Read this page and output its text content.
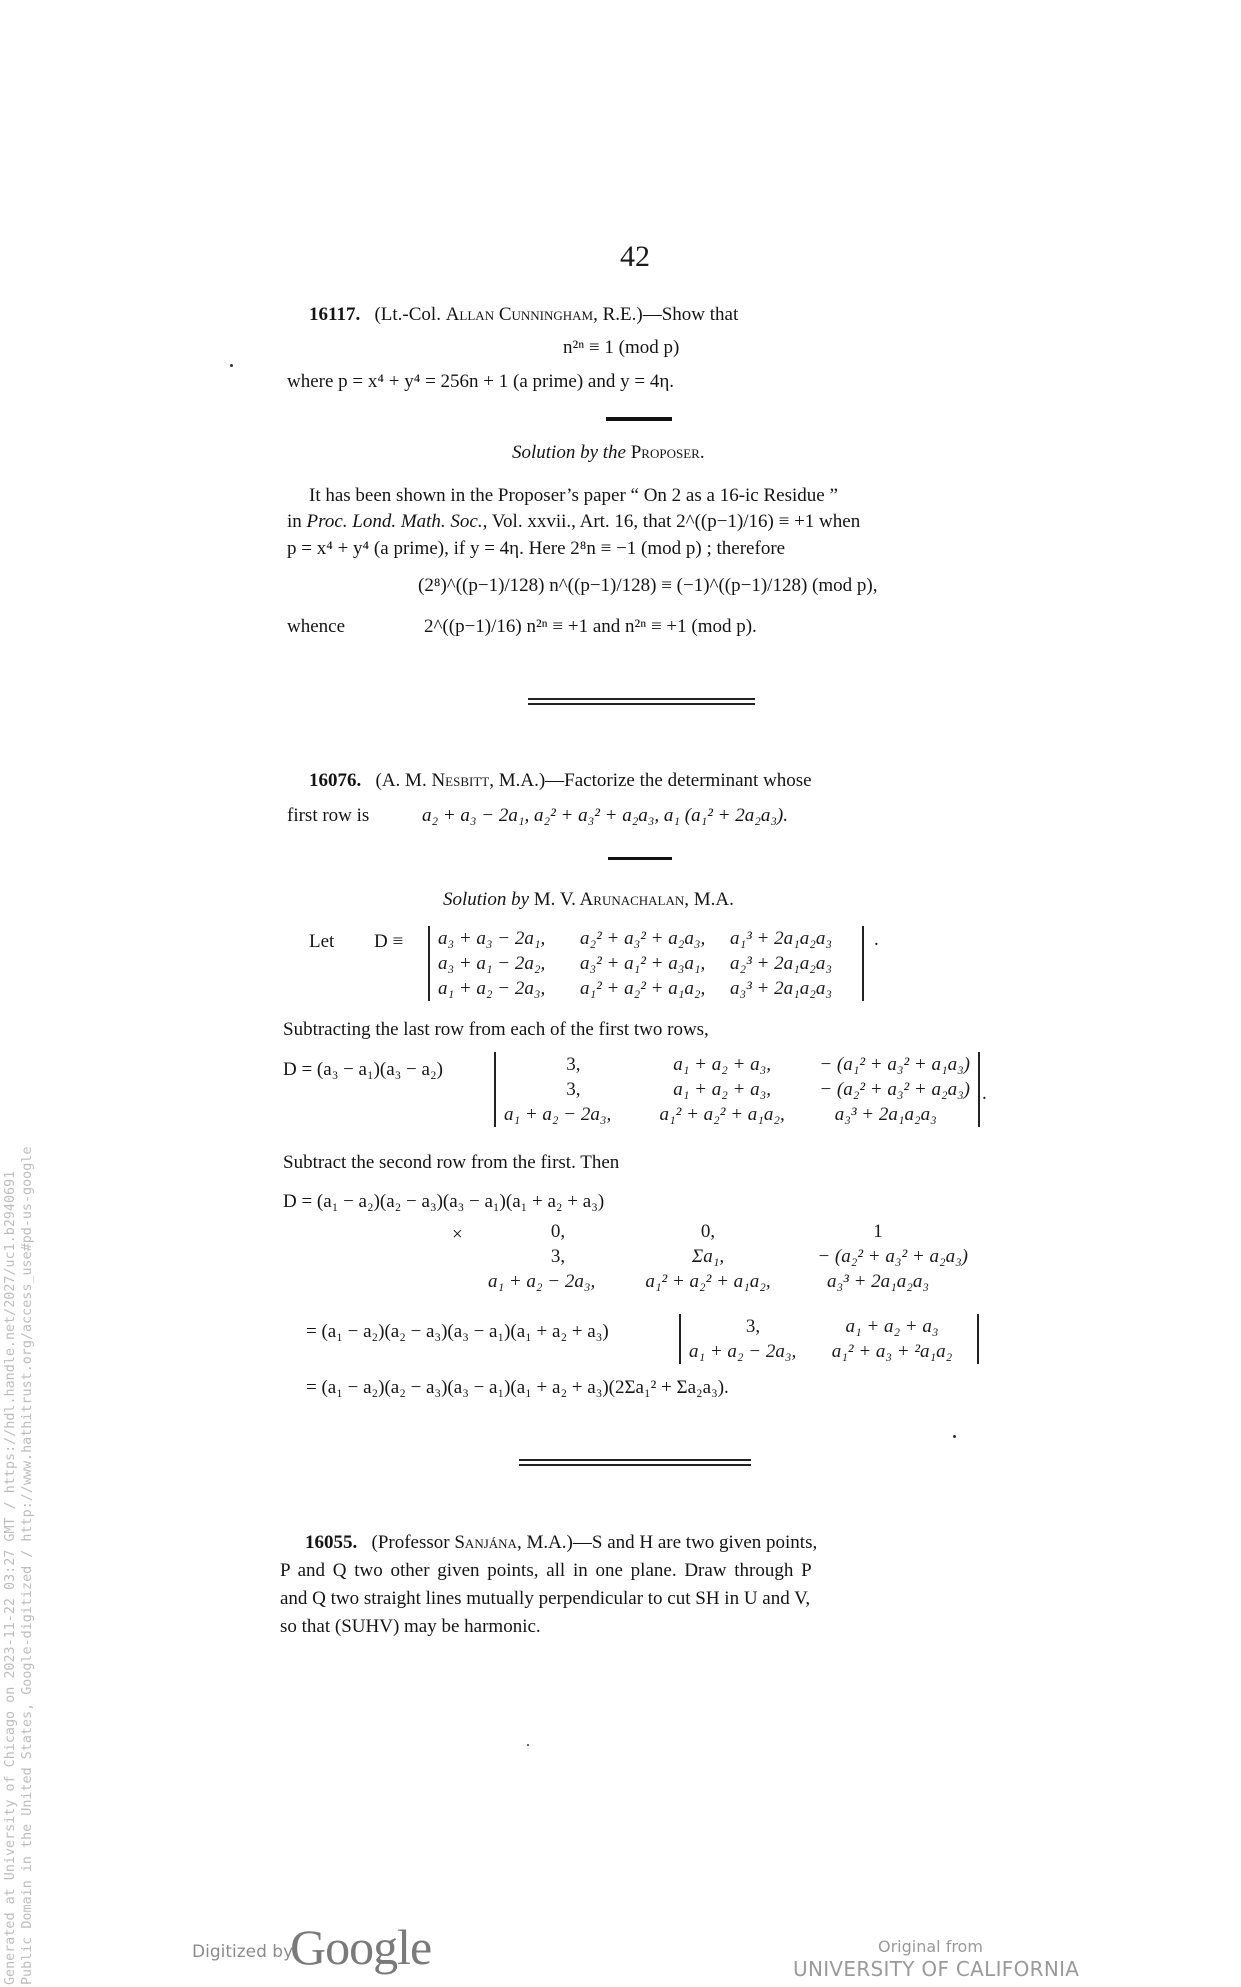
42
16117. (Lt.-Col. Allan Cunningham, R.E.)—Show that
n²ⁿ ≡ 1 (mod p)
where p = x⁴ + y⁴ = 256n + 1 (a prime) and y = 4η.
Solution by the Proposer.
It has been shown in the Proposer’s paper “ On 2 as a 16-ic Residue ”
in Proc. Lond. Math. Soc., Vol. xxvii., Art. 16, that 2^((p−1)/16) ≡ +1 when
p = x⁴ + y⁴ (a prime), if y = 4η. Here 2⁸n ≡ −1 (mod p) ; therefore
(2⁸)^((p−1)/128) n^((p−1)/128) ≡ (−1)^((p−1)/128) (mod p),
whence	2^((p−1)/16) n²ⁿ ≡ +1 and n²ⁿ ≡ +1 (mod p).
16076. (A. M. Nesbitt, M.A.)—Factorize the determinant whose
first row is	a₂ + a₃ − 2a₁, a₂² + a₃² + a₂a₃, a₁ (a₁² + 2a₂a₃).
Solution by M. V. Arunachalan, M.A.
Let D ≡ a₃ + a₃ − 2a₁,	a₂² + a₃² + a₂a₃,	a₁³ + 2a₁a₂a₃
a₃ + a₁ − 2a₂,	a₃² + a₁² + a₃a₁,	a₂³ + 2a₁a₂a₃
a₁ + a₂ − 2a₃,	a₁² + a₂² + a₁a₂,	a₃³ + 2a₁a₂a₃
.
Subtracting the last row from each of the first two rows,
D = (a₃ − a₁)(a₃ − a₂)	3,	a₁ + a₂ + a₃,	− (a₁² + a₃² + a₁a₃)
3,	a₁ + a₂ + a₃,	− (a₂² + a₃² + a₂a₃)
a₁ + a₂ − 2a₃,	a₁² + a₂² + a₁a₂,	a₃³ + 2a₁a₂a₃
.
Subtract the second row from the first. Then
D = (a₁ − a₂)(a₂ − a₃)(a₃ − a₁)(a₁ + a₂ + a₃)
×	0,	0,	1
3,	Σa₁,	− (a₂² + a₃² + a₂a₃)
a₁ + a₂ − 2a₃,	a₁² + a₂² + a₁a₂,	a₃³ + 2a₁a₂a₃
= (a₁ − a₂)(a₂ − a₃)(a₃ − a₁)(a₁ + a₂ + a₃)	3,	a₁ + a₂ + a₃
a₁ + a₂ − 2a₃,	a₁² + a₃ + ²a₁a₂
= (a₁ − a₂)(a₂ − a₃)(a₃ − a₁)(a₁ + a₂ + a₃)(2Σa₁² + Σa₂a₃).
16055. (Professor Sanjána, M.A.)—S and H are two given points,
P and Q two other given points, all in one plane. Draw through P
and Q two straight lines mutually perpendicular to cut SH in U and V,
so that (SUHV) may be harmonic.
Generated at University of Chicago on 2023-11-22 03:27 GMT / https://hdl.handle.net/2027/uc1.b2940691 Public Domain in the United States, Google-digitized / http://www.hathitrust.org/access_use#pd-us-google	Digitized by
Google	Original from
UNIVERSITY OF CALIFORNIA
